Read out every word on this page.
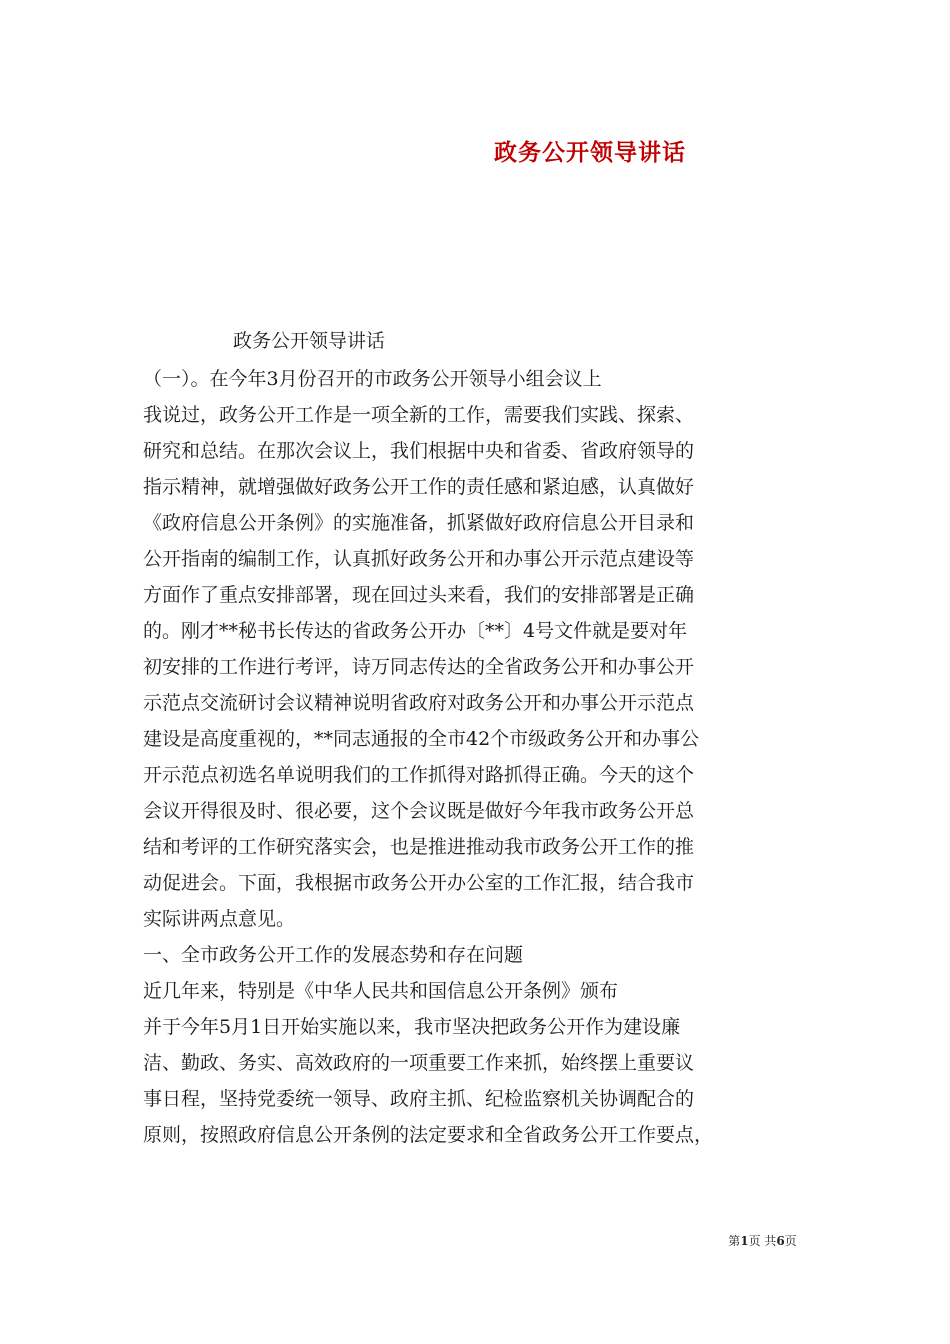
政务公开领导讲话
政务公开领导讲话
（一）。在今年3月份召开的市政务公开领导小组会议上
我说过，政务公开工作是一项全新的工作，需要我们实践、探索、
研究和总结。在那次会议上，我们根据中央和省委、省政府领导的
指示精神，就增强做好政务公开工作的责任感和紧迫感，认真做好
《政府信息公开条例》的实施准备，抓紧做好政府信息公开目录和
公开指南的编制工作，认真抓好政务公开和办事公开示范点建设等
方面作了重点安排部署，现在回过头来看，我们的安排部署是正确
的。刚才**秘书长传达的省政务公开办〔**〕4号文件就是要对年
初安排的工作进行考评，诗万同志传达的全省政务公开和办事公开
示范点交流研讨会议精神说明省政府对政务公开和办事公开示范点
建设是高度重视的，**同志通报的全市42个市级政务公开和办事公
开示范点初选名单说明我们的工作抓得对路抓得正确。今天的这个
会议开得很及时、很必要，这个会议既是做好今年我市政务公开总
结和考评的工作研究落实会，也是推进推动我市政务公开工作的推
动促进会。下面，我根据市政务公开办公室的工作汇报，结合我市
实际讲两点意见。
一、全市政务公开工作的发展态势和存在问题
近几年来，特别是《中华人民共和国信息公开条例》颁布
并于今年5月1日开始实施以来，我市坚决把政务公开作为建设廉
洁、勤政、务实、高效政府的一项重要工作来抓，始终摆上重要议
事日程，坚持党委统一领导、政府主抓、纪检监察机关协调配合的
原则，按照政府信息公开条例的法定要求和全省政务公开工作要点，
第1页 共6页
